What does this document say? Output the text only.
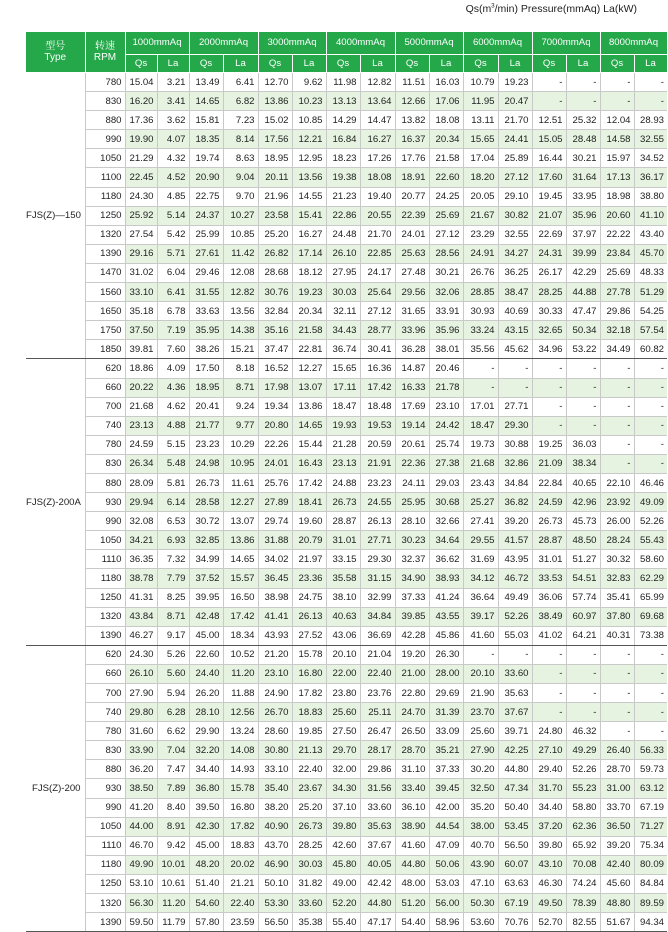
$Qs(m^3/\min)$ Pressure(mmAq) La(kW)
型号
Type	转速
RPM	1000mmAq		2000mmAq		3000mmAq		4000mmAq		5000mmAq		6000mmAq		7000mmAq		8000mmAq	
		Qs	La	Qs	La	Qs	La	Qs	La	Qs	La	Qs	La	Qs	La	Qs	La
FJS(Z)—150	780	15.04	3.21	13.49	6.41	12.70	9.62	11.98	12.82	11.51	16.03	10.79	19.23	-	-	-	-
	830	16.20	3.41	14.65	6.82	13.86	10.23	13.13	13.64	12.66	17.06	11.95	20.47	-	-	-	-
	880	17.36	3.62	15.81	7.23	15.02	10.85	14.29	14.47	13.82	18.08	13.11	21.70	12.51	25.32	12.04	28.93
	990	19.90	4.07	18.35	8.14	17.56	12.21	16.84	16.27	16.37	20.34	15.65	24.41	15.05	28.48	14.58	32.55
	1050	21.29	4.32	19.74	8.63	18.95	12.95	18.23	17.26	17.76	21.58	17.04	25.89	16.44	30.21	15.97	34.52
	1100	22.45	4.52	20.90	9.04	20.11	13.56	19.38	18.08	18.91	22.60	18.20	27.12	17.60	31.64	17.13	36.17
	1180	24.30	4.85	22.75	9.70	21.96	14.55	21.23	19.40	20.77	24.25	20.05	29.10	19.45	33.95	18.98	38.80
	1250	25.92	5.14	24.37	10.27	23.58	15.41	22.86	20.55	22.39	25.69	21.67	30.82	21.07	35.96	20.60	41.10
	1320	27.54	5.42	25.99	10.85	25.20	16.27	24.48	21.70	24.01	27.12	23.29	32.55	22.69	37.97	22.22	43.40
	1390	29.16	5.71	27.61	11.42	26.82	17.14	26.10	22.85	25.63	28.56	24.91	34.27	24.31	39.99	23.84	45.70
	1470	31.02	6.04	29.46	12.08	28.68	18.12	27.95	24.17	27.48	30.21	26.76	36.25	26.17	42.29	25.69	48.33
	1560	33.10	6.41	31.55	12.82	30.76	19.23	30.03	25.64	29.56	32.06	28.85	38.47	28.25	44.88	27.78	51.29
	1650	35.18	6.78	33.63	13.56	32.84	20.34	32.11	27.12	31.65	33.91	30.93	40.69	30.33	47.47	29.86	54.25
	1750	37.50	7.19	35.95	14.38	35.16	21.58	34.43	28.77	33.96	35.96	33.24	43.15	32.65	50.34	32.18	57.54
	1850	39.81	7.60	38.26	15.21	37.47	22.81	36.74	30.41	36.28	38.01	35.56	45.62	34.96	53.22	34.49	60.82
FJS(Z)-200A	620	18.86	4.09	17.50	8.18	16.52	12.27	15.65	16.36	14.87	20.46	-	-	-	-	-	-
	660	20.22	4.36	18.95	8.71	17.98	13.07	17.11	17.42	16.33	21.78	-	-	-	-	-	-
	700	21.68	4.62	20.41	9.24	19.34	13.86	18.47	18.48	17.69	23.10	17.01	27.71	-	-	-	-
	740	23.13	4.88	21.77	9.77	20.80	14.65	19.93	19.53	19.14	24.42	18.47	29.30	-	-	-	-
	780	24.59	5.15	23.23	10.29	22.26	15.44	21.28	20.59	20.61	25.74	19.73	30.88	19.25	36.03	-	-
	830	26.34	5.48	24.98	10.95	24.01	16.43	23.13	21.91	22.36	27.38	21.68	32.86	21.09	38.34	-	-
	880	28.09	5.81	26.73	11.61	25.76	17.42	24.88	23.23	24.11	29.03	23.43	34.84	22.84	40.65	22.10	46.46
	930	29.94	6.14	28.58	12.27	27.89	18.41	26.73	24.55	25.95	30.68	25.27	36.82	24.59	42.96	23.92	49.09
	990	32.08	6.53	30.72	13.07	29.74	19.60	28.87	26.13	28.10	32.66	27.41	39.20	26.73	45.73	26.00	52.26
	1050	34.21	6.93	32.85	13.86	31.88	20.79	31.01	27.71	30.23	34.64	29.55	41.57	28.87	48.50	28.24	55.43
	1110	36.35	7.32	34.99	14.65	34.02	21.97	33.15	29.30	32.37	36.62	31.69	43.95	31.01	51.27	30.32	58.60
	1180	38.78	7.79	37.52	15.57	36.45	23.36	35.58	31.15	34.90	38.93	34.12	46.72	33.53	54.51	32.83	62.29
	1250	41.31	8.25	39.95	16.50	38.98	24.75	38.10	32.99	37.33	41.24	36.64	49.49	36.06	57.74	35.41	65.99
	1320	43.84	8.71	42.48	17.42	41.41	26.13	40.63	34.84	39.85	43.55	39.17	52.26	38.49	60.97	37.80	69.68
	1390	46.27	9.17	45.00	18.34	43.93	27.52	43.06	36.69	42.28	45.86	41.60	55.03	41.02	64.21	40.31	73.38
FJS(Z)-200	620	24.30	5.26	22.60	10.52	21.20	15.78	20.10	21.04	19.20	26.30	-	-	-	-	-	-
	660	26.10	5.60	24.40	11.20	23.10	16.80	22.00	22.40	21.00	28.00	20.10	33.60	-	-	-	-
	700	27.90	5.94	26.20	11.88	24.90	17.82	23.80	23.76	22.80	29.69	21.90	35.63	-	-	-	-
	740	29.80	6.28	28.10	12.56	26.70	18.83	25.60	25.11	24.70	31.39	23.70	37.67	-	-	-	-
	780	31.60	6.62	29.90	13.24	28.60	19.85	27.50	26.47	26.50	33.09	25.60	39.71	24.80	46.32	-	-
	830	33.90	7.04	32.20	14.08	30.80	21.13	29.70	28.17	28.70	35.21	27.90	42.25	27.10	49.29	26.40	56.33
	880	36.20	7.47	34.40	14.93	33.10	22.40	32.00	29.86	31.10	37.33	30.20	44.80	29.40	52.26	28.70	59.73
	930	38.50	7.89	36.80	15.78	35.40	23.67	34.30	31.56	33.40	39.45	32.50	47.34	31.70	55.23	31.00	63.12
	990	41.20	8.40	39.50	16.80	38.20	25.20	37.10	33.60	36.10	42.00	35.20	50.40	34.40	58.80	33.70	67.19
	1050	44.00	8.91	42.30	17.82	40.90	26.73	39.80	35.63	38.90	44.54	38.00	53.45	37.20	62.36	36.50	71.27
	1110	46.70	9.42	45.00	18.83	43.70	28.25	42.60	37.67	41.60	47.09	40.70	56.50	39.80	65.92	39.20	75.34
	1180	49.90	10.01	48.20	20.02	46.90	30.03	45.80	40.05	44.80	50.06	43.90	60.07	43.10	70.08	42.40	80.09
	1250	53.10	10.61	51.40	21.21	50.10	31.82	49.00	42.42	48.00	53.03	47.10	63.63	46.30	74.24	45.60	84.84
	1320	56.30	11.20	54.60	22.40	53.30	33.60	52.20	44.80	51.20	56.00	50.30	67.19	49.50	78.39	48.80	89.59
	1390	59.50	11.79	57.80	23.59	56.50	35.38	55.40	47.17	54.40	58.96	53.60	70.76	52.70	82.55	51.67	94.34
